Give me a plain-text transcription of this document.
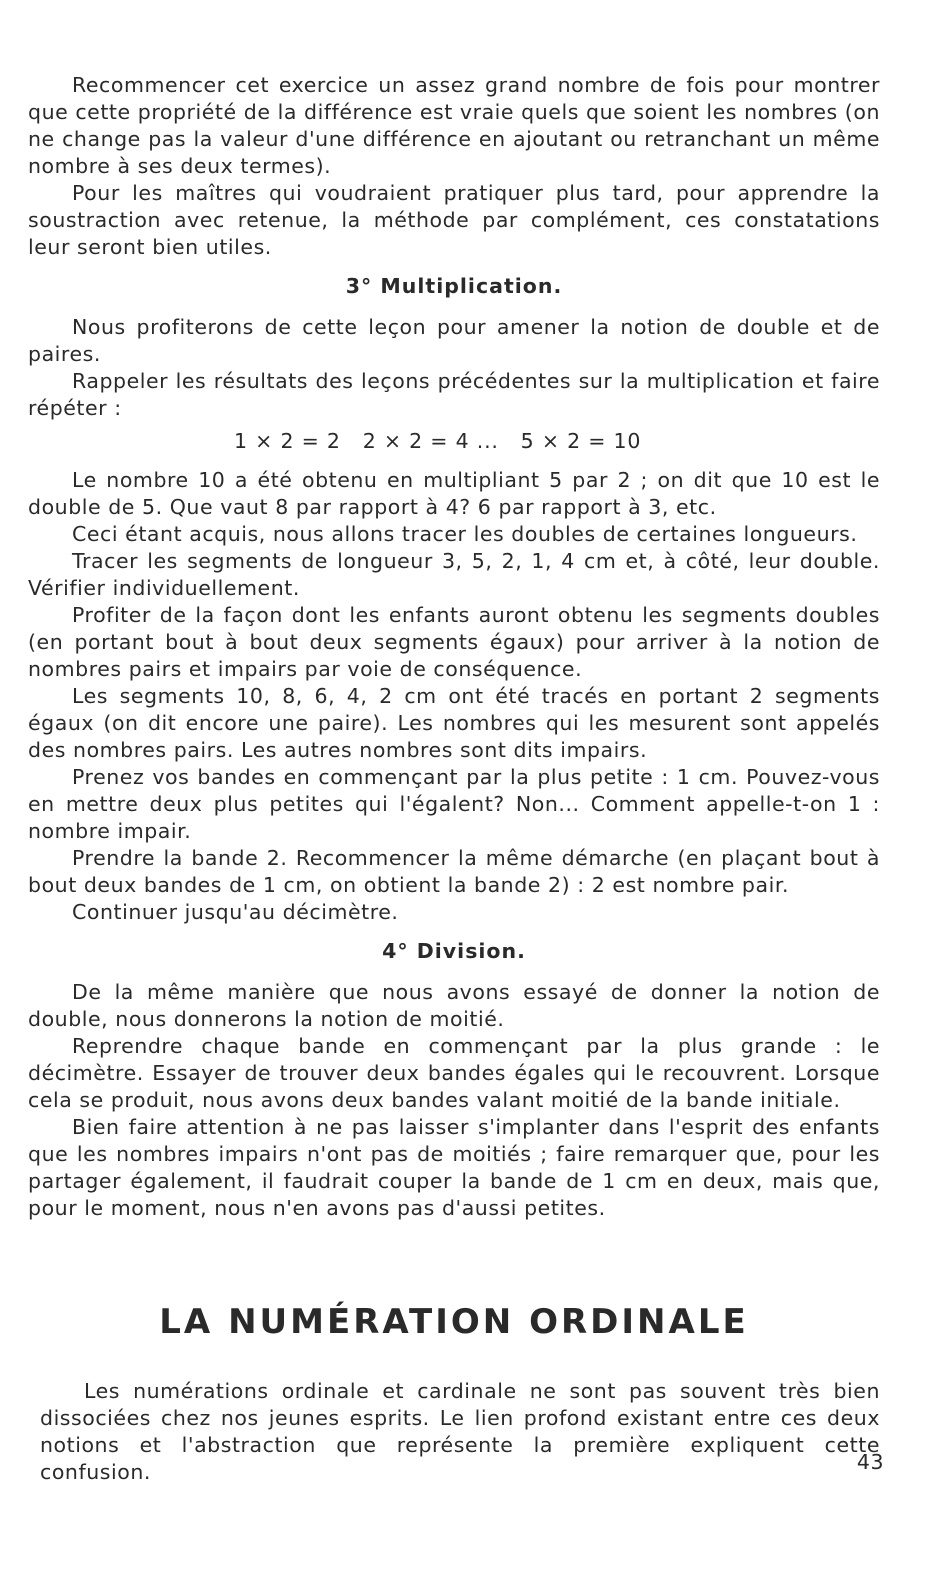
Recommencer cet exercice un assez grand nombre de fois pour montrer que cette propriété de la différence est vraie quels que soient les nombres (on ne change pas la valeur d'une différence en ajoutant ou retranchant un même nombre à ses deux termes).

Pour les maîtres qui voudraient pratiquer plus tard, pour apprendre la soustraction avec retenue, la méthode par complément, ces constatations leur seront bien utiles.

3° Multiplication.

Nous profiterons de cette leçon pour amener la notion de double et de paires.

Rappeler les résultats des leçons précédentes sur la multiplication et faire répéter :

1 × 2 = 2   2 × 2 = 4 ...   5 × 2 = 10

Le nombre 10 a été obtenu en multipliant 5 par 2 ; on dit que 10 est le double de 5. Que vaut 8 par rapport à 4? 6 par rapport à 3, etc.

Ceci étant acquis, nous allons tracer les doubles de certaines longueurs.

Tracer les segments de longueur 3, 5, 2, 1, 4 cm et, à côté, leur double. Vérifier individuellement.

Profiter de la façon dont les enfants auront obtenu les segments doubles (en portant bout à bout deux segments égaux) pour arriver à la notion de nombres pairs et impairs par voie de conséquence.

Les segments 10, 8, 6, 4, 2 cm ont été tracés en portant 2 segments égaux (on dit encore une paire). Les nombres qui les mesurent sont appelés des nombres pairs. Les autres nombres sont dits impairs.

Prenez vos bandes en commençant par la plus petite : 1 cm. Pouvez-vous en mettre deux plus petites qui l'égalent? Non... Comment appelle-t-on 1 : nombre impair.

Prendre la bande 2. Recommencer la même démarche (en plaçant bout à bout deux bandes de 1 cm, on obtient la bande 2) : 2 est nombre pair.

Continuer jusqu'au décimètre.

4° Division.

De la même manière que nous avons essayé de donner la notion de double, nous donnerons la notion de moitié.

Reprendre chaque bande en commençant par la plus grande : le décimètre. Essayer de trouver deux bandes égales qui le recouvrent. Lorsque cela se produit, nous avons deux bandes valant moitié de la bande initiale.

Bien faire attention à ne pas laisser s'implanter dans l'esprit des enfants que les nombres impairs n'ont pas de moitiés ; faire remarquer que, pour les partager également, il faudrait couper la bande de 1 cm en deux, mais que, pour le moment, nous n'en avons pas d'aussi petites.

LA NUMÉRATION ORDINALE

Les numérations ordinale et cardinale ne sont pas souvent très bien dissociées chez nos jeunes esprits. Le lien profond existant entre ces deux notions et l'abstraction que représente la première expliquent cette confusion.	43
